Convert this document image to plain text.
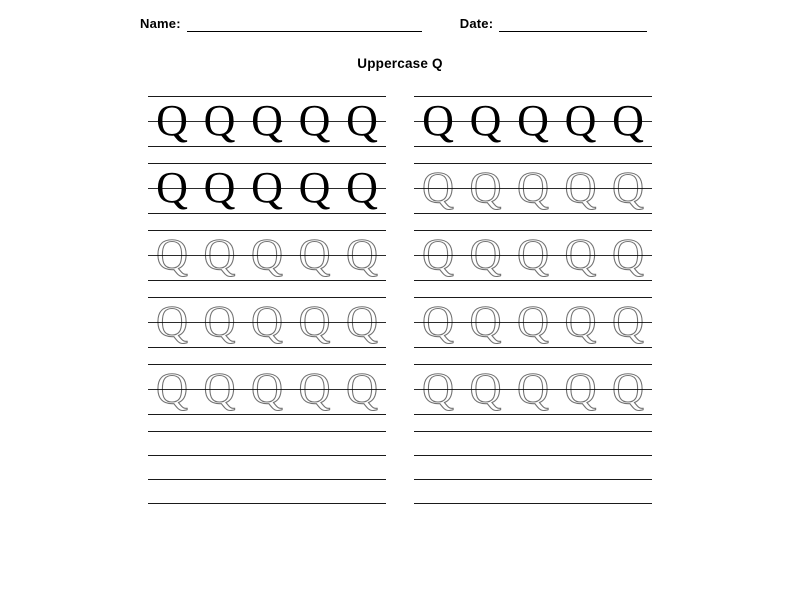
Name:	Date:
Uppercase Q
Q Q Q Q Q Q Q Q Q Q
Q Q Q Q Q Q Q Q Q Q
Q Q Q Q Q Q Q Q Q Q
Q Q Q Q Q Q Q Q Q Q
Q Q Q Q Q Q Q Q Q Q
